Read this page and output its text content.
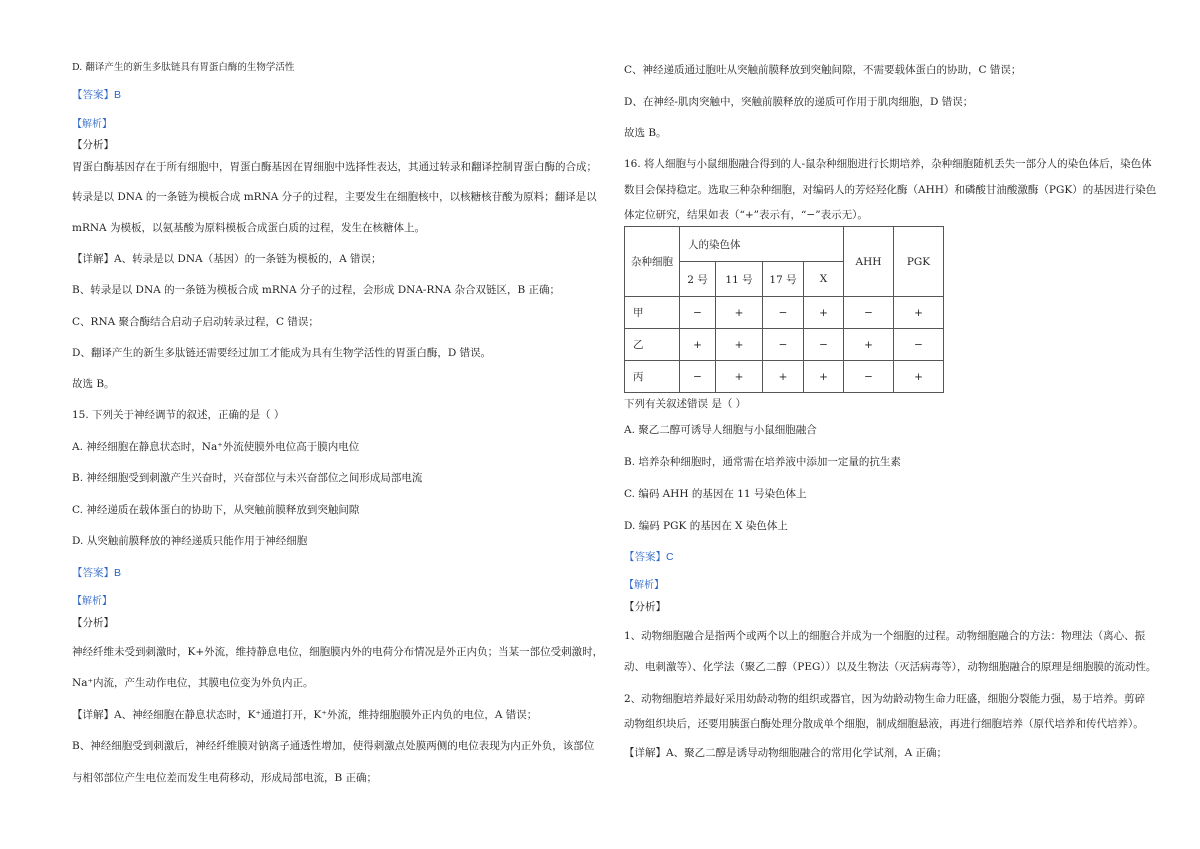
D. 翻译产生的新生多肽链具有胃蛋白酶的生物学活性
【答案】B
【解析】
【分析】
胃蛋白酶基因存在于所有细胞中，胃蛋白酶基因在胃细胞中选择性表达，其通过转录和翻译控制胃蛋白酶的合成；
转录是以 DNA 的一条链为模板合成 mRNA 分子的过程，主要发生在细胞核中，以核糖核苷酸为原料；翻译是以
mRNA 为模板，以氨基酸为原料模板合成蛋白质的过程，发生在核糖体上。
【详解】A、转录是以 DNA（基因）的一条链为模板的，A 错误；
B、转录是以 DNA 的一条链为模板合成 mRNA 分子的过程，会形成 DNA-RNA 杂合双链区，B 正确；
C、RNA 聚合酶结合启动子启动转录过程，C 错误；
D、翻译产生的新生多肽链还需要经过加工才能成为具有生物学活性的胃蛋白酶，D 错误。
故选 B。
15. 下列关于神经调节的叙述，正确的是（ ）
A. 神经细胞在静息状态时，Na⁺外流使膜外电位高于膜内电位
B. 神经细胞受到刺激产生兴奋时，兴奋部位与未兴奋部位之间形成局部电流
C. 神经递质在载体蛋白的协助下，从突触前膜释放到突触间隙
D. 从突触前膜释放的神经递质只能作用于神经细胞
【答案】B
【解析】
【分析】
神经纤维未受到刺激时，K+外流，维持静息电位，细胞膜内外的电荷分布情况是外正内负；当某一部位受刺激时，
Na⁺内流，产生动作电位，其膜电位变为外负内正。
【详解】A、神经细胞在静息状态时，K⁺通道打开，K⁺外流，维持细胞膜外正内负的电位，A 错误；
B、神经细胞受到刺激后，神经纤维膜对钠离子通透性增加，使得刺激点处膜两侧的电位表现为内正外负，该部位
与相邻部位产生电位差而发生电荷移动，形成局部电流，B 正确；
C、神经递质通过胞吐从突触前膜释放到突触间隙，不需要载体蛋白的协助，C 错误；
D、在神经-肌肉突触中，突触前膜释放的递质可作用于肌肉细胞，D 错误；
故选 B。
16. 将人细胞与小鼠细胞融合得到的人-鼠杂种细胞进行长期培养，杂种细胞随机丢失一部分人的染色体后，染色体
数目会保持稳定。选取三种杂种细胞，对编码人的芳烃羟化酶（AHH）和磷酸甘油酸激酶（PGK）的基因进行染色
体定位研究，结果如表（“+”表示有，“−”表示无）。
杂种细胞	人的染色体				AHH	PGK
	2 号	11 号	17 号	X		
甲	−	+	−	+	−	+
乙	+	+	−	−	+	−
丙	−	+	+	+	−	+
下列有关叙述错误 是（ ）
A. 聚乙二醇可诱导人细胞与小鼠细胞融合
B. 培养杂种细胞时，通常需在培养液中添加一定量的抗生素
C. 编码 AHH 的基因在 11 号染色体上
D. 编码 PGK 的基因在 X 染色体上
【答案】C
【解析】
【分析】
1、动物细胞融合是指两个或两个以上的细胞合并成为一个细胞的过程。动物细胞融合的方法：物理法（离心、振
动、电刺激等）、化学法（聚乙二醇（PEG））以及生物法（灭活病毒等），动物细胞融合的原理是细胞膜的流动性。
2、动物细胞培养最好采用幼龄动物的组织或器官，因为幼龄动物生命力旺盛，细胞分裂能力强，易于培养。剪碎
动物组织块后，还要用胰蛋白酶处理分散成单个细胞，制成细胞悬液，再进行细胞培养（原代培养和传代培养）。
【详解】A、聚乙二醇是诱导动物细胞融合的常用化学试剂，A 正确；
